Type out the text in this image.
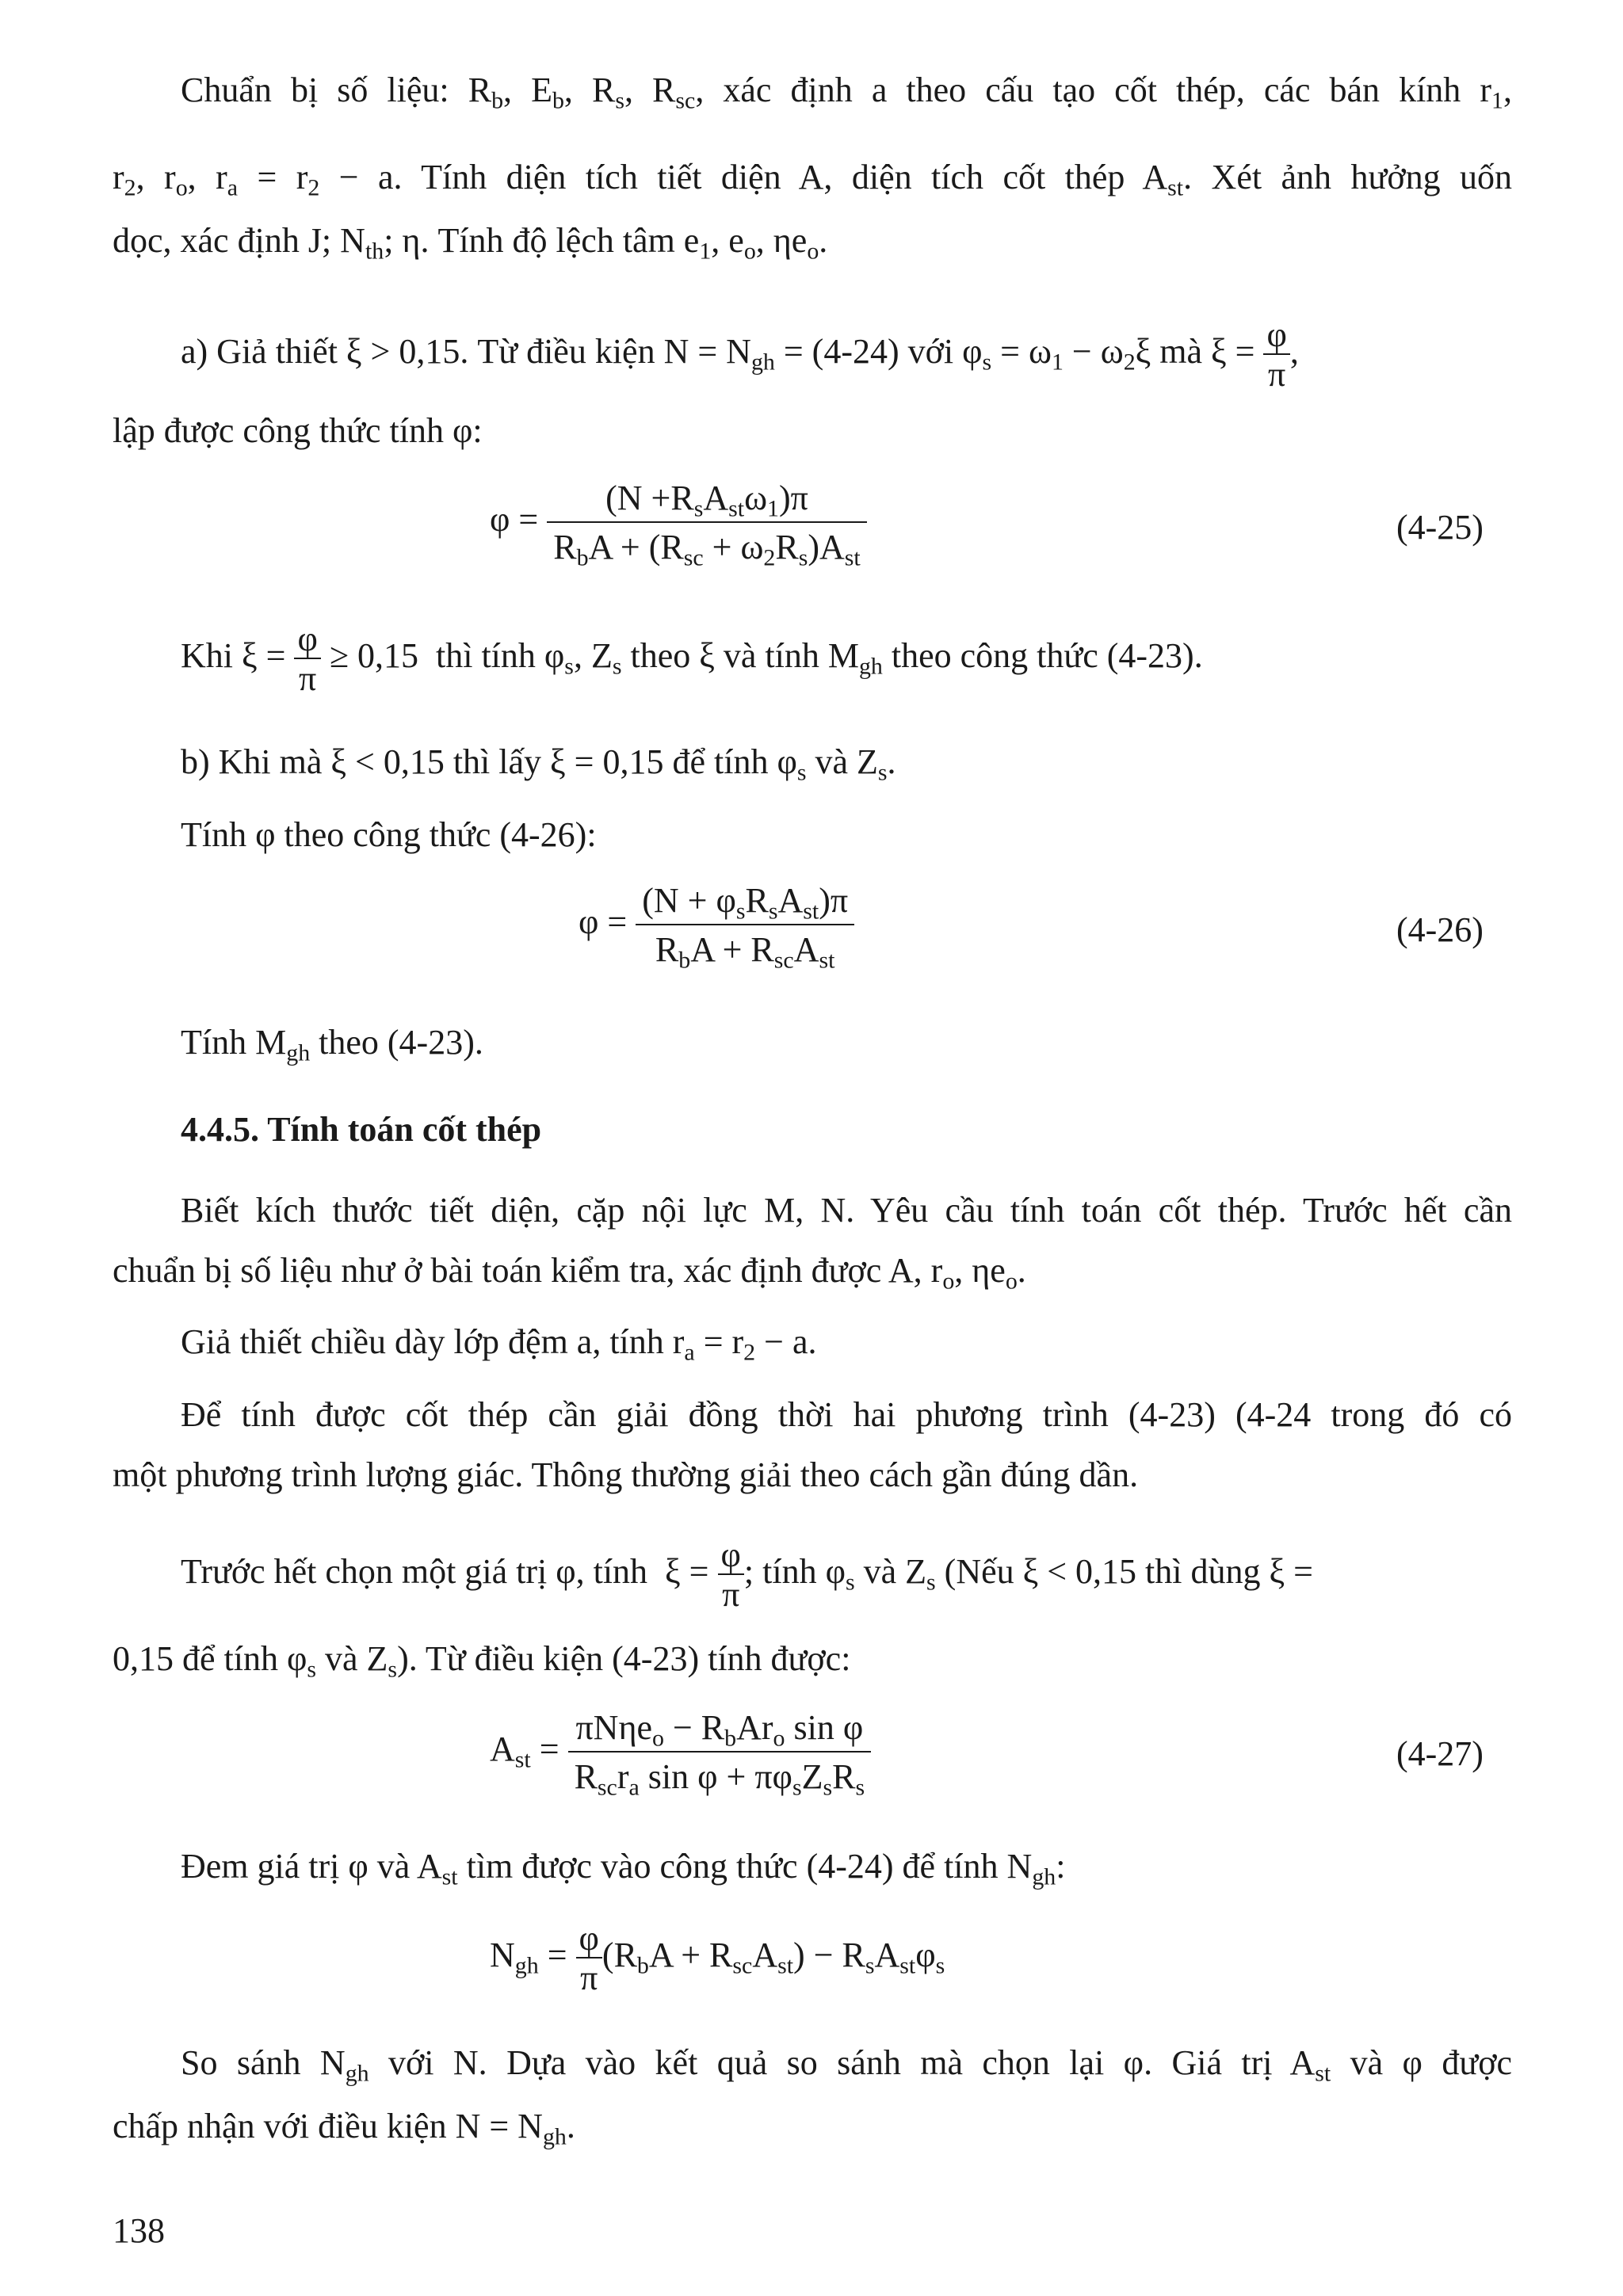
Chuẩn bị số liệu: $R_b$, $E_b$, $R_s$, $R_{sc}$, xác định a theo cấu tạo cốt thép, các bán kính $r_1$,
$r_2$, $r_o$, $r_a = r_2 - a$. Tính diện tích tiết diện A, diện tích cốt thép $A_{st}$. Xét ảnh hưởng uốn
dọc, xác định J; $N_{th}$; η. Tính độ lệch tâm $e_1$, $e_o$, $\eta e_o$.
a) Giả thiết ξ > 0,15. Từ điều kiện $N = N_{gh} = (4-24)$ với $\varphi_s = \omega_1 - \omega_2\xi$ mà $\xi = \frac{\varphi}{\pi}$ ,
lập được công thức tính φ:
$\varphi = \frac{(N +R_sA_{st}\omega_1)\pi}{R_bA + (R_{sc} + \omega_2R_s)A_{st}}$	(4-25)
Khi $\xi = \frac{\varphi}{\pi} \ge 0,15$  thì tính $\varphi_s$, $Z_s$ theo ξ và tính $M_{gh}$ theo công thức (4-23).
b) Khi mà ξ < 0,15 thì lấy ξ = 0,15 để tính $\varphi_s$ và $Z_s$.
Tính φ theo công thức (4-26):
$\varphi = \frac{(N + \varphi_sR_sA_{st})\pi}{R_bA + R_{sc}A_{st}}$	(4-26)
Tính $M_{gh}$ theo (4-23).
4.4.5. Tính toán cốt thép
Biết kích thước tiết diện, cặp nội lực M, N. Yêu cầu tính toán cốt thép. Trước hết cần
chuẩn bị số liệu như ở bài toán kiểm tra, xác định được A, $r_o$, $\eta e_o$.
Giả thiết chiều dày lớp đệm a, tính $r_a = r_2 - a$.
Để tính được cốt thép cần giải đồng thời hai phương trình (4-23) (4-24 trong đó có
một phương trình lượng giác. Thông thường giải theo cách gần đúng dần.
Trước hết chọn một giá trị φ, tính  $\xi = \frac{\varphi}{\pi}$ ; tính $\varphi_s$ và $Z_s$ (Nếu ξ < 0,15 thì dùng ξ =
0,15 để tính $\varphi_s$ và $Z_s$). Từ điều kiện (4-23) tính được:
$A_{st} = \frac{\pi N\eta e_o - R_bAr_o \sin \varphi}{R_{sc}r_a \sin \varphi + \pi\varphi_sZ_sR_s}$	(4-27)
Đem giá trị φ và $A_{st}$ tìm được vào công thức (4-24) để tính $N_{gh}$:
$N_{gh} = \frac{\varphi}{\pi} (R_bA + R_{sc}A_{st}) - R_sA_{st}\varphi_s$
So sánh $N_{gh}$ với N. Dựa vào kết quả so sánh mà chọn lại φ. Giá trị $A_{st}$ và φ được
chấp nhận với điều kiện $N = N_{gh}$.
138
